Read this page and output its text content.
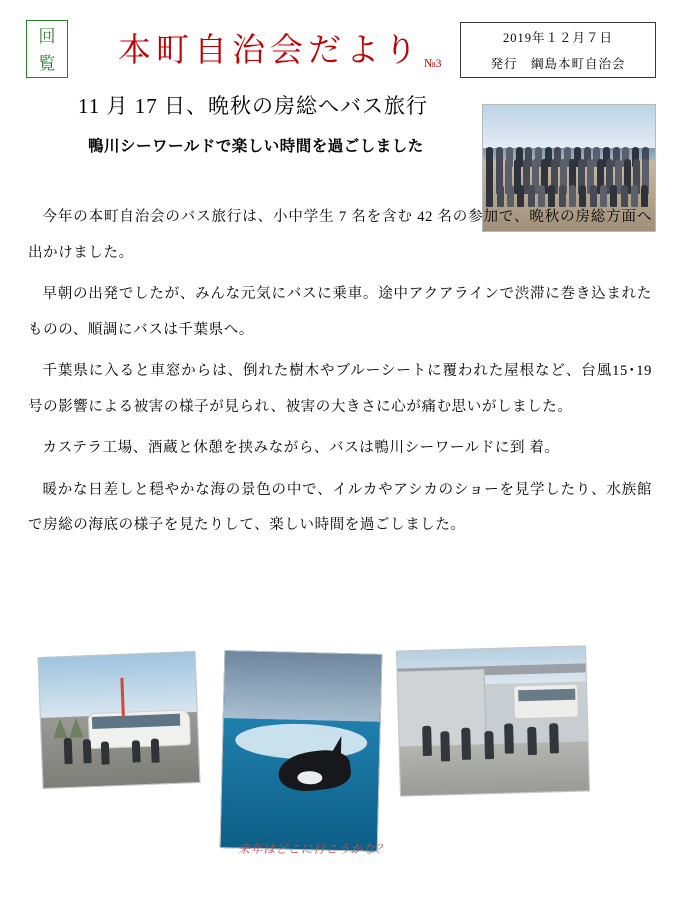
回
覧	本町自治会だより №3
2019年１２月７日
発行　綱島本町自治会
11 月 17 日、晩秋の房総へバス旅行
鴨川シーワールドで楽しい時間を過ごしました

今年の本町自治会のバス旅行は、小中学生 7 名を含む 42 名の参加で、晩秋の房総方面へ出かけました。

早朝の出発でしたが、みんな元気にバスに乗車。途中アクアラインで渋滞に巻き込まれたものの、順調にバスは千葉県へ。

千葉県に入ると車窓からは、倒れた樹木やブルーシートに覆われた屋根など、台風15･19 号の影響による被害の様子が見られ、被害の大きさに心が痛む思いがしました。

カステラ工場、酒蔵と休憩を挟みながら、バスは鴨川シーワールドに到 着。

暖かな日差しと穏やかな海の景色の中で、イルカやアシカのショーを見学したり、水族館で房総の海底の様子を見たりして、楽しい時間を過ごしました。

来年はどこに行こうかな？
